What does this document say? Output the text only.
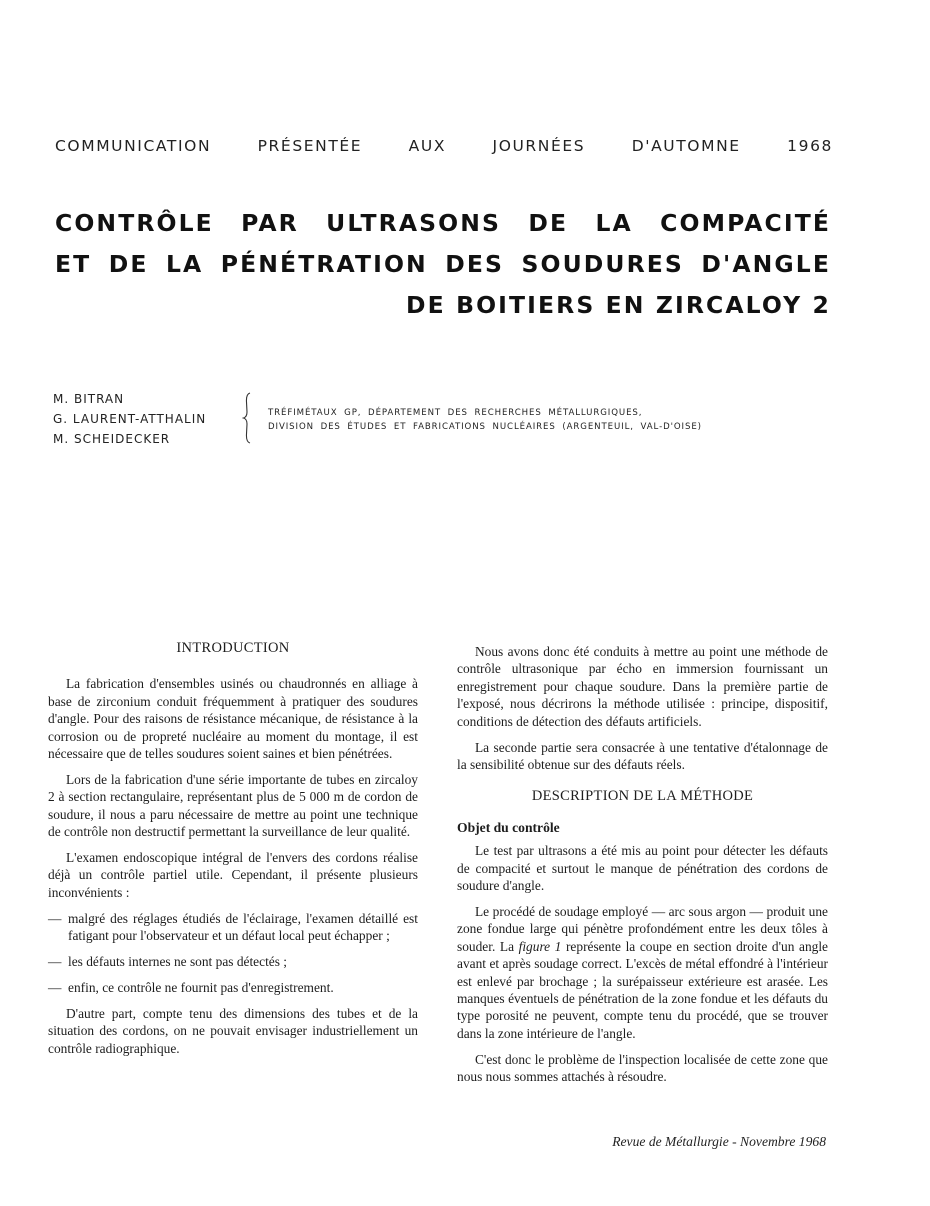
COMMUNICATION PRÉSENTÉE AUX JOURNÉES D'AUTOMNE 1968
CONTRÔLE PAR ULTRASONS DE LA COMPACITÉ
ET DE LA PÉNÉTRATION DES SOUDURES D'ANGLE
DE BOITIERS EN ZIRCALOY 2
M. BITRAN
G. LAURENT-ATTHALIN
M. SCHEIDECKER
TRÉFIMÉTAUX GP, DÉPARTEMENT DES RECHERCHES MÉTALLURGIQUES,
DIVISION DES ÉTUDES ET FABRICATIONS NUCLÉAIRES (ARGENTEUIL, VAL-D'OISE)
INTRODUCTION

La fabrication d'ensembles usinés ou chaudronnés en alliage à base de zirconium conduit fréquemment à pratiquer des soudures d'angle. Pour des raisons de résistance mécanique, de résistance à la corrosion ou de propreté nucléaire au moment du montage, il est nécessaire que de telles soudures soient saines et bien pénétrées.

Lors de la fabrication d'une série importante de tubes en zircaloy 2 à section rectangulaire, représentant plus de 5 000 m de cordon de soudure, il nous a paru nécessaire de mettre au point une technique de contrôle non destructif permettant la surveillance de leur qualité.

L'examen endoscopique intégral de l'envers des cordons réalise déjà un contrôle partiel utile. Cependant, il présente plusieurs inconvénients :

— malgré des réglages étudiés de l'éclairage, l'examen détaillé est fatigant pour l'observateur et un défaut local peut échapper ;
— les défauts internes ne sont pas détectés ;
— enfin, ce contrôle ne fournit pas d'enregistrement.

D'autre part, compte tenu des dimensions des tubes et de la situation des cordons, on ne pouvait envisager industriellement un contrôle radiographique.

Nous avons donc été conduits à mettre au point une méthode de contrôle ultrasonique par écho en immersion fournissant un enregistrement pour chaque soudure. Dans la première partie de l'exposé, nous décrirons la méthode utilisée : principe, dispositif, conditions de détection des défauts artificiels.

La seconde partie sera consacrée à une tentative d'étalonnage de la sensibilité obtenue sur des défauts réels.

DESCRIPTION DE LA MÉTHODE
Objet du contrôle

Le test par ultrasons a été mis au point pour détecter les défauts de compacité et surtout le manque de pénétration des cordons de soudure d'angle.

Le procédé de soudage employé — arc sous argon — produit une zone fondue large qui pénètre profondément entre les deux tôles à souder. La figure 1 représente la coupe en section droite d'un angle avant et après soudage correct. L'excès de métal effondré à l'intérieur est enlevé par brochage ; la surépaisseur extérieure est arasée. Les manques éventuels de pénétration de la zone fondue et les défauts du type porosité ne peuvent, compte tenu du procédé, que se trouver dans la zone intérieure de l'angle.

C'est donc le problème de l'inspection localisée de cette zone que nous nous sommes attachés à résoudre.

Revue de Métallurgie - Novembre 1968
